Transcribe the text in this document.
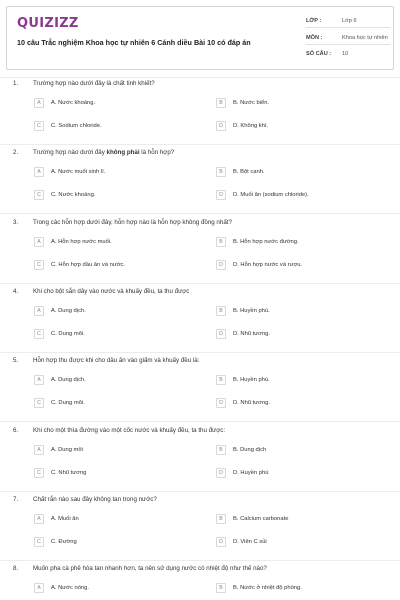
QUIZIZZ
10 câu Trắc nghiệm Khoa học tự nhiên 6 Cánh diều Bài 10 có đáp án
LỚP :	Lớp 6
MÔN :	Khoa học tự nhiên
SỐ CÂU : 10
1. Trường hợp nào dưới đây là chất tinh khiết?
A	A. Nước khoáng.	B	B. Nước biển.
C	C. Sodium chloride.	D	D. Không khí.
2. Trường hợp nào dưới đây không phải là hỗn hợp?
A	A. Nước muối sinh lí.	B	B. Bột canh.
C	C. Nước khoáng.	D	D. Muối ăn (sodium chloride).
3. Trong các hỗn hợp dưới đây, hỗn hợp nào là hỗn hợp không đồng nhất?
A	A. Hỗn hợp nước muối.	B	B. Hỗn hợp nước đường.
C	C. Hỗn hợp dầu ăn và nước.	D	D. Hỗn hợp nước và rượu.
4. Khi cho bột sắn dây vào nước và khuấy đều, ta thu được
A	A. Dung dịch.	B	B. Huyền phù.
C	C. Dung môi.	D	D. Nhũ tương.
5. Hỗn hợp thu được khi cho dầu ăn vào giấm và khuấy đều là:
A	A. Dung dịch.	B	B. Huyền phù.
C	C. Dung môi.	D	D. Nhũ tương.
6. Khi cho một thìa đường vào một cốc nước và khuấy đều, ta thu được:
A	A. Dung môi	B	B. Dung dịch
C	C. Nhũ tương	D	D. Huyền phù
7. Chất rắn nào sau đây không tan trong nước?
A	A. Muối ăn	B	B. Calcium carbonate
C	C. Đường	D	D. Viên C sủi
8. Muốn pha cà phê hòa tan nhanh hơn, ta nên sử dụng nước có nhiệt độ như thế nào?
A	A. Nước nóng.	B	B. Nước ở nhiệt độ phòng.
